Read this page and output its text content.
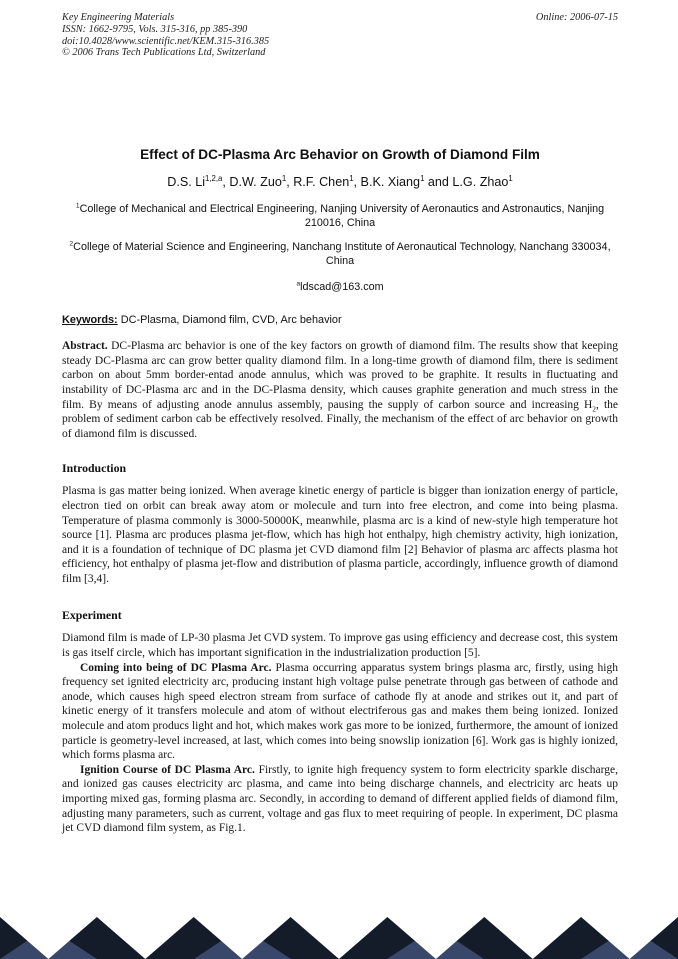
Key Engineering Materials
ISSN: 1662-9795, Vols. 315-316, pp 385-390
doi:10.4028/www.scientific.net/KEM.315-316.385
© 2006 Trans Tech Publications Ltd, Switzerland
Online: 2006-07-15
Effect of DC-Plasma Arc Behavior on Growth of Diamond Film
D.S. Li$^{1,2,a}$, D.W. Zuo$^1$, R.F. Chen$^1$, B.K. Xiang$^1$ and L.G. Zhao$^1$
$^1$College of Mechanical and Electrical Engineering, Nanjing University of Aeronautics and Astronautics, Nanjing 210016, China
$^2$College of Material Science and Engineering, Nanchang Institute of Aeronautical Technology, Nanchang 330034, China
$^a$ldscad@163.com
Keywords: DC-Plasma, Diamond film, CVD, Arc behavior

Abstract. DC-Plasma arc behavior is one of the key factors on growth of diamond film. The results show that keeping steady DC-Plasma arc can grow better quality diamond film. In a long-time growth of diamond film, there is sediment carbon on about 5mm border-entad anode annulus, which was proved to be graphite. It results in fluctuating and instability of DC-Plasma arc and in the DC-Plasma density, which causes graphite generation and much stress in the film. By means of adjusting anode annulus assembly, pausing the supply of carbon source and increasing $H_2$, the problem of sediment carbon cab be effectively resolved. Finally, the mechanism of the effect of arc behavior on growth of diamond film is discussed.

Introduction

Plasma is gas matter being ionized. When average kinetic energy of particle is bigger than ionization energy of particle, electron tied on orbit can break away atom or molecule and turn into free electron, and come into being plasma. Temperature of plasma commonly is 3000-50000K, meanwhile, plasma arc is a kind of new-style high temperature hot source [1]. Plasma arc produces plasma jet-flow, which has high hot enthalpy, high chemistry activity, high ionization, and it is a foundation of technique of DC plasma jet CVD diamond film [2] Behavior of plasma arc affects plasma hot efficiency, hot enthalpy of plasma jet-flow and distribution of plasma particle, accordingly, influence growth of diamond film [3,4].

Experiment

Diamond film is made of LP-30 plasma Jet CVD system. To improve gas using efficiency and decrease cost, this system is gas itself circle, which has important signification in the industrialization production [5].

Coming into being of DC Plasma Arc. Plasma occurring apparatus system brings plasma arc, firstly, using high frequency set ignited electricity arc, producing instant high voltage pulse penetrate through gas between of cathode and anode, which causes high speed electron stream from surface of cathode fly at anode and strikes out it, and part of kinetic energy of it transfers molecule and atom of without electriferous gas and makes them being ionized. Ionized molecule and atom producs light and hot, which makes work gas more to be ionized, furthermore, the amount of ionized particle is geometry-level increased, at last, which comes into being snowslip ionization [6]. Work gas is highly ionized, which forms plasma arc.

Ignition Course of DC Plasma Arc. Firstly, to ignite high frequency system to form electricity sparkle discharge, and ionized gas causes electricity arc plasma, and came into being discharge channels, and electricity arc heats up importing mixed gas, forming plasma arc. Secondly, in according to demand of different applied fields of diamond film, adjusting many parameters, such as current, voltage and gas flux to meet requiring of people. In experiment, DC plasma jet CVD diamond film system, as Fig.1.
